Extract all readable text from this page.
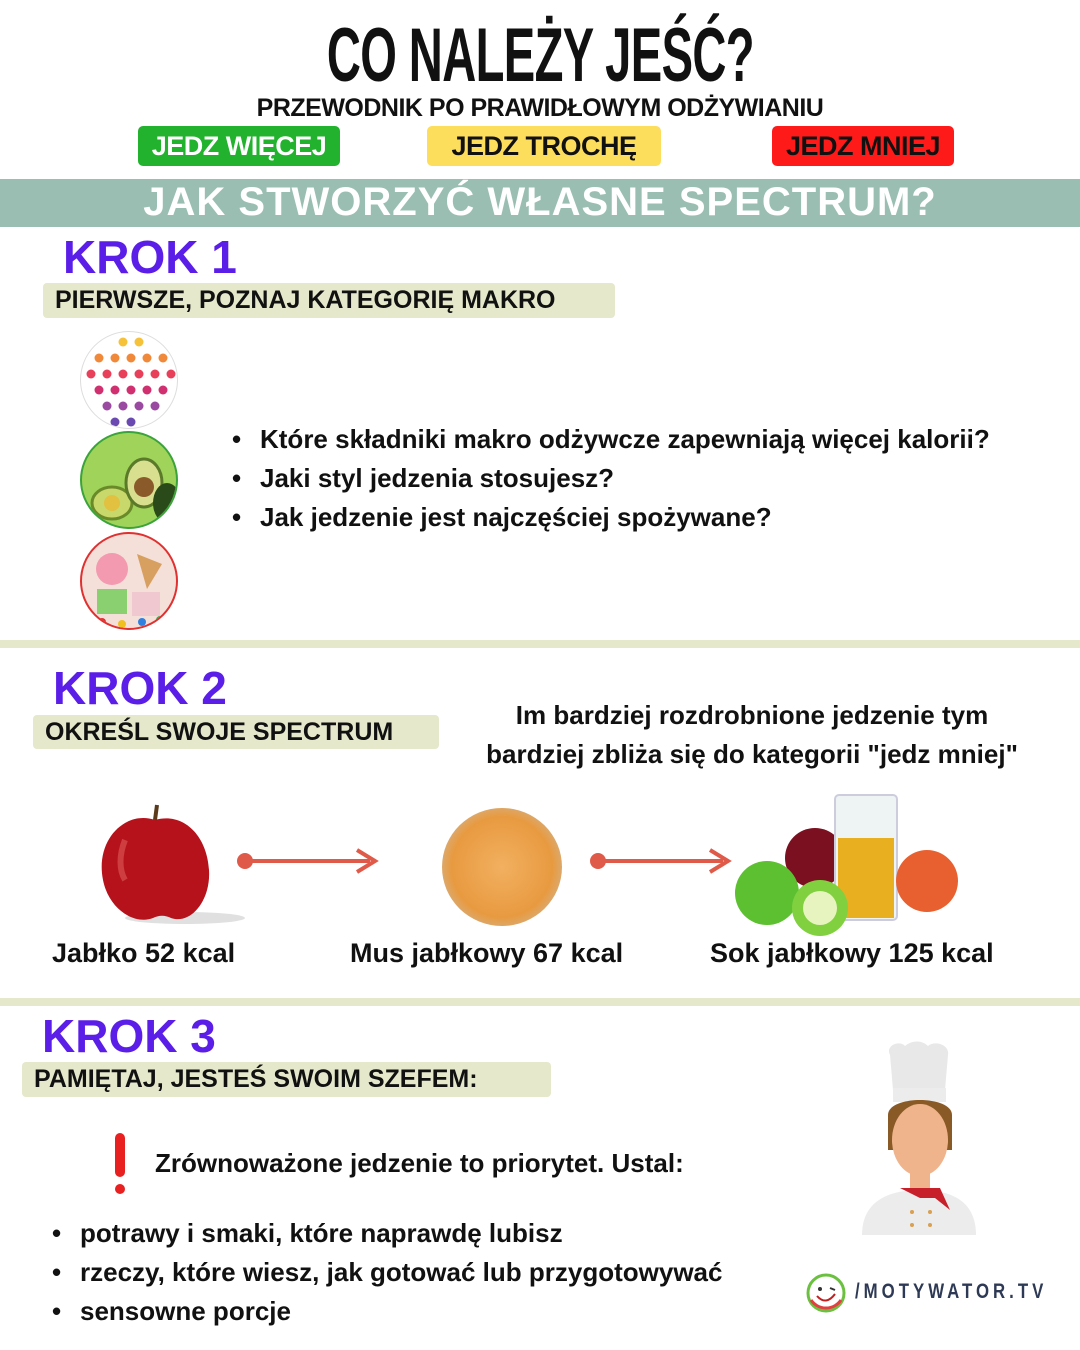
CO NALEŻY JEŚĆ?
PRZEWODNIK PO PRAWIDŁOWYM ODŻYWIANIU
JEDZ WIĘCEJ	JEDZ TROCHĘ	JEDZ MNIEJ
JAK STWORZYĆ WŁASNE SPECTRUM?
KROK 1
PIERWSZE, POZNAJ KATEGORIĘ MAKRO
• Które składniki makro odżywcze zapewniają więcej kalorii?
• Jaki styl jedzenia stosujesz?
• Jak jedzenie jest najczęściej spożywane?
KROK 2
OKREŚL SWOJE SPECTRUM
Im bardziej rozdrobnione jedzenie tym
bardziej zbliża się do kategorii "jedz mniej"
Jabłko 52 kcal	Mus jabłkowy 67 kcal	Sok jabłkowy 125 kcal
KROK 3
PAMIĘTAJ, JESTEŚ SWOIM SZEFEM:
Zrównoważone jedzenie to priorytet. Ustal:
• potrawy i smaki, które naprawdę lubisz
• rzeczy, które wiesz, jak gotować lub przygotowywać
• sensowne porcje
/MOTYWATOR.TV
